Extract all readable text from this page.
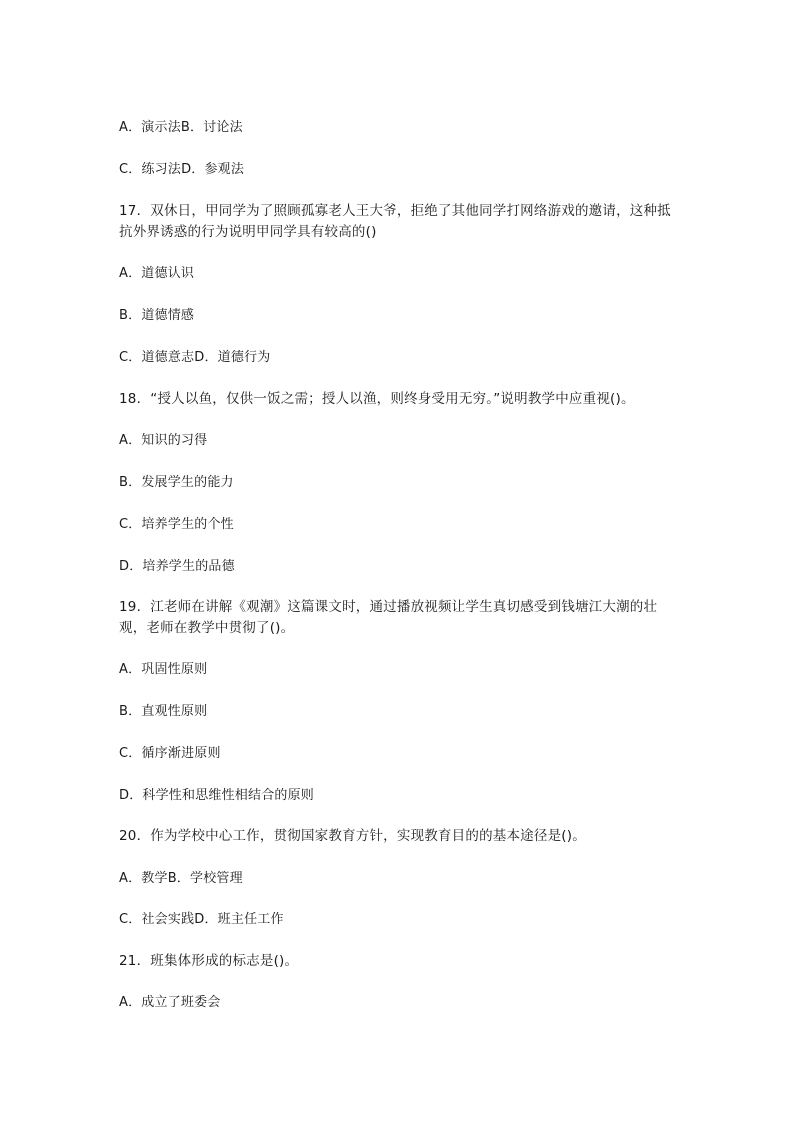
A．演示法B．讨论法
C．练习法D．参观法
17．双休日，甲同学为了照顾孤寡老人王大爷，拒绝了其他同学打网络游戏的邀请，这种抵抗外界诱惑的行为说明甲同学具有较高的()
A．道德认识
B．道德情感
C．道德意志D．道德行为
18．“授人以鱼，仅供一饭之需；授人以渔，则终身受用无穷。”说明教学中应重视()。
A．知识的习得
B．发展学生的能力
C．培养学生的个性
D．培养学生的品德
19．江老师在讲解《观潮》这篇课文时，通过播放视频让学生真切感受到钱塘江大潮的壮观，老师在教学中贯彻了()。
A．巩固性原则
B．直观性原则
C．循序渐进原则
D．科学性和思维性相结合的原则
20．作为学校中心工作，贯彻国家教育方针，实现教育目的的基本途径是()。
A．教学B．学校管理
C．社会实践D．班主任工作
21．班集体形成的标志是()。
A．成立了班委会
